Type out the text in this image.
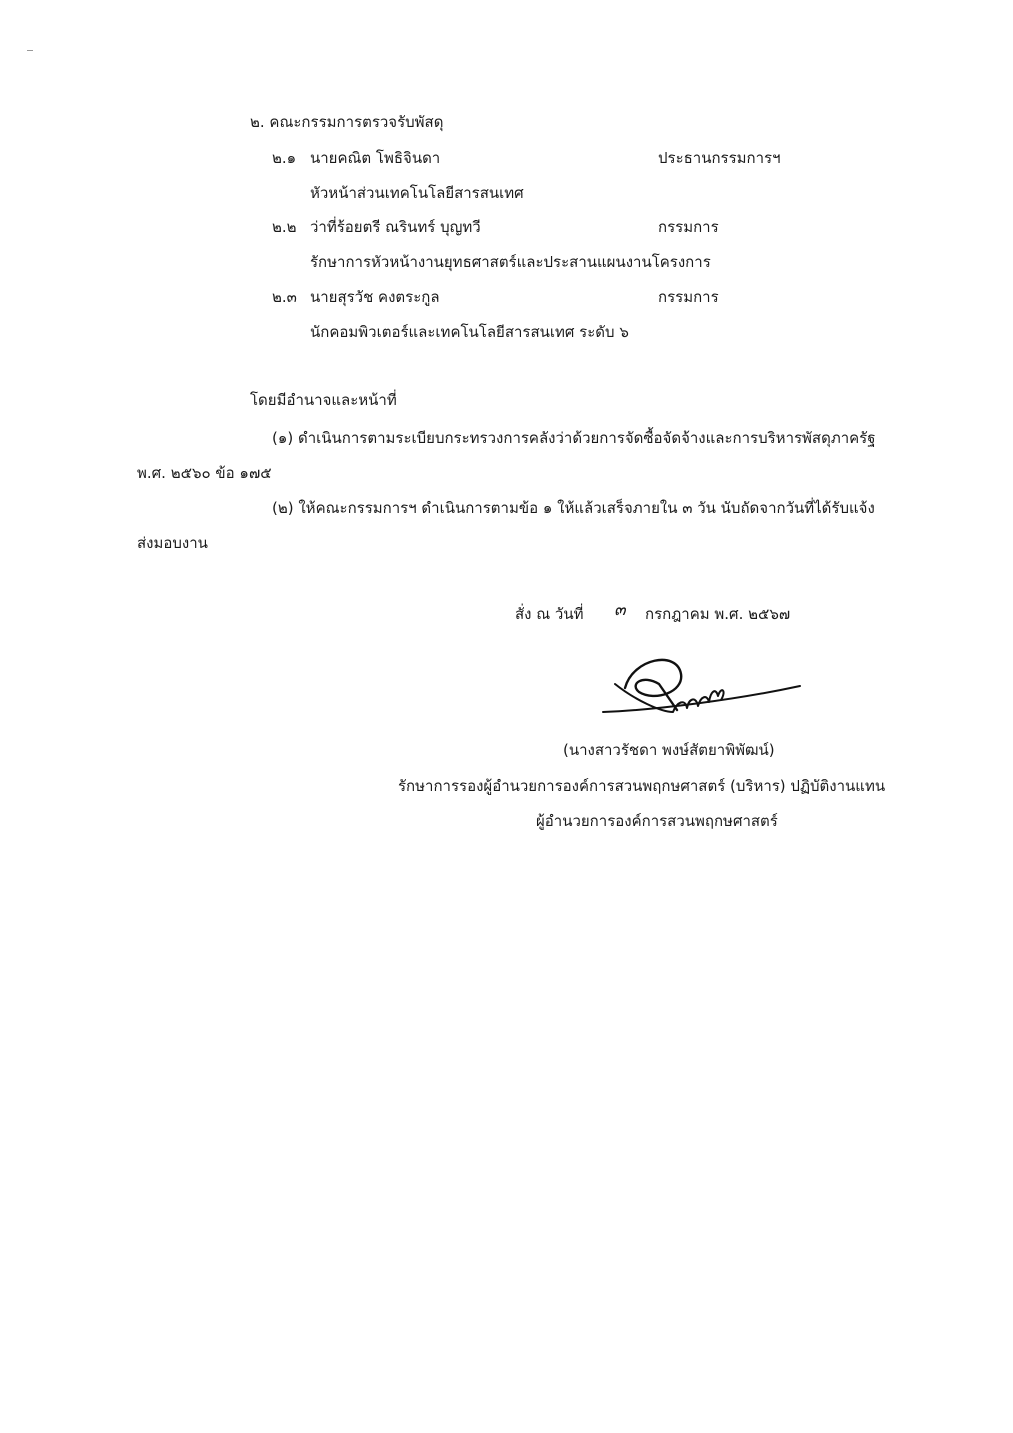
๒. คณะกรรมการตรวจรับพัสดุ
๒.๑ นายคณิต โพธิจินดา	ประธานกรรมการฯ
หัวหน้าส่วนเทคโนโลยีสารสนเทศ
๒.๒ ว่าที่ร้อยตรี ณรินทร์ บุญทวี	กรรมการ
รักษาการหัวหน้างานยุทธศาสตร์และประสานแผนงานโครงการ
๒.๓ นายสุรวัช คงตระกูล	กรรมการ
นักคอมพิวเตอร์และเทคโนโลยีสารสนเทศ ระดับ ๖
โดยมีอำนาจและหน้าที่
(๑) ดำเนินการตามระเบียบกระทรวงการคลังว่าด้วยการจัดซื้อจัดจ้างและการบริหารพัสดุภาครัฐ
พ.ศ. ๒๕๖๐ ข้อ ๑๗๕
(๒) ให้คณะกรรมการฯ ดำเนินการตามข้อ ๑ ให้แล้วเสร็จภายใน ๓ วัน นับถัดจากวันที่ได้รับแจ้ง
ส่งมอบงาน
สั่ง ณ วันที่ ๓ กรกฎาคม พ.ศ. ๒๕๖๗
(นางสาวรัชดา พงษ์สัตยาพิพัฒน์)
รักษาการรองผู้อำนวยการองค์การสวนพฤกษศาสตร์ (บริหาร) ปฏิบัติงานแทน
ผู้อำนวยการองค์การสวนพฤกษศาสตร์
